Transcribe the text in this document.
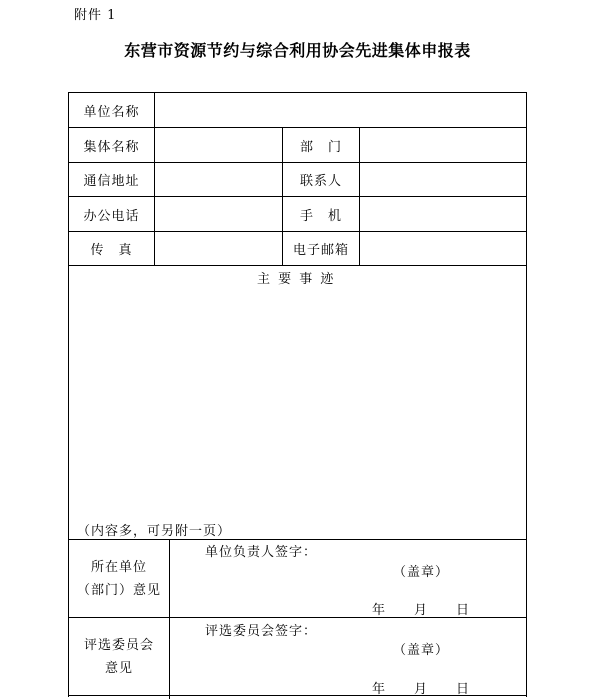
附件 1
东营市资源节约与综合利用协会先进集体申报表
单位名称
集体名称	部　门
通信地址	联系人
办公电话	手　机
传　真	电子邮箱
主 要 事 迹
（内容多，可另附一页）
所在单位
（部门）意见
单位负责人签字：
（盖章）
年　　月　　日
评选委员会
意见
评选委员会签字：
（盖章）
年　　月　　日
